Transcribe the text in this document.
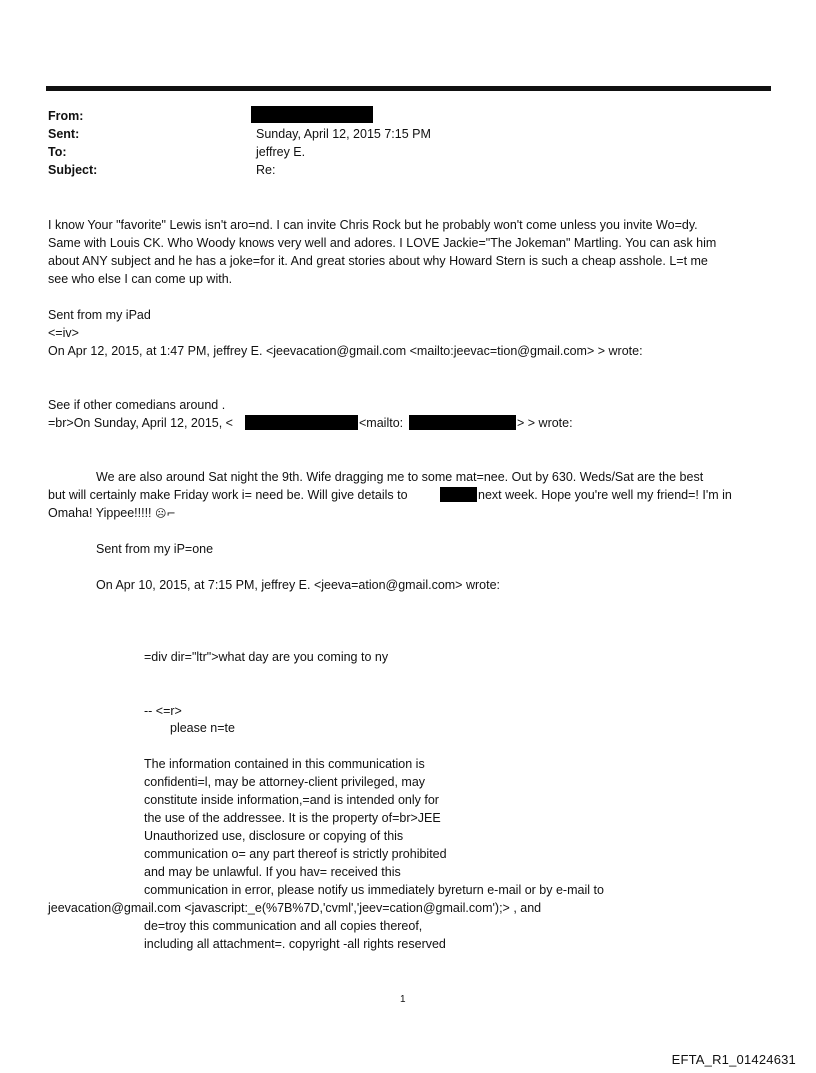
From:
Sent:	Sunday, April 12, 2015 7:15 PM
To:	jeffrey E.
Subject:	Re:
I know Your "favorite" Lewis isn't aro=nd. I can invite Chris Rock but he probably won't come unless you invite Wo=dy.
Same with Louis CK. Who Woody knows very well and adores. I LOVE Jackie="The Jokeman" Martling. You can ask him
about ANY subject and he has a joke=for it. And great stories about why Howard Stern is such a cheap asshole. L=t me
see who else I can come up with.
Sent from my iPad
<=iv>
On Apr 12, 2015, at 1:47 PM, jeffrey E. <jeevacation@gmail.com <mailto:jeevac=tion@gmail.com> > wrote:
See if other comedians around .
=br>On Sunday, April 12, 2015, <	<mailto:	> > wrote:
We are also around Sat night the 9th. Wife dragging me to some mat=nee. Out by 630. Weds/Sat are the best
but will certainly make Friday work i= need be. Will give details to	next week. Hope you're well my friend=! I'm in
Omaha! Yippee!!!!! ☹⌐
Sent from my iP=one
On Apr 10, 2015, at 7:15 PM, jeffrey E. <jeeva=ation@gmail.com> wrote:
=div dir="ltr">what day are you coming to ny
-- <=r>
please n=te
The information contained in this communication is
confidenti=l, may be attorney-client privileged, may
constitute inside information,=and is intended only for
the use of the addressee. It is the property of=br>JEE
Unauthorized use, disclosure or copying of this
communication o= any part thereof is strictly prohibited
and may be unlawful. If you hav= received this
communication in error, please notify us immediately byreturn e-mail or by e-mail to
jeevacation@gmail.com <javascript:_e(%7B%7D,'cvml','jeev=cation@gmail.com');> , and
de=troy this communication and all copies thereof,
including all attachment=. copyright -all rights reserved
1
EFTA_R1_01424631
